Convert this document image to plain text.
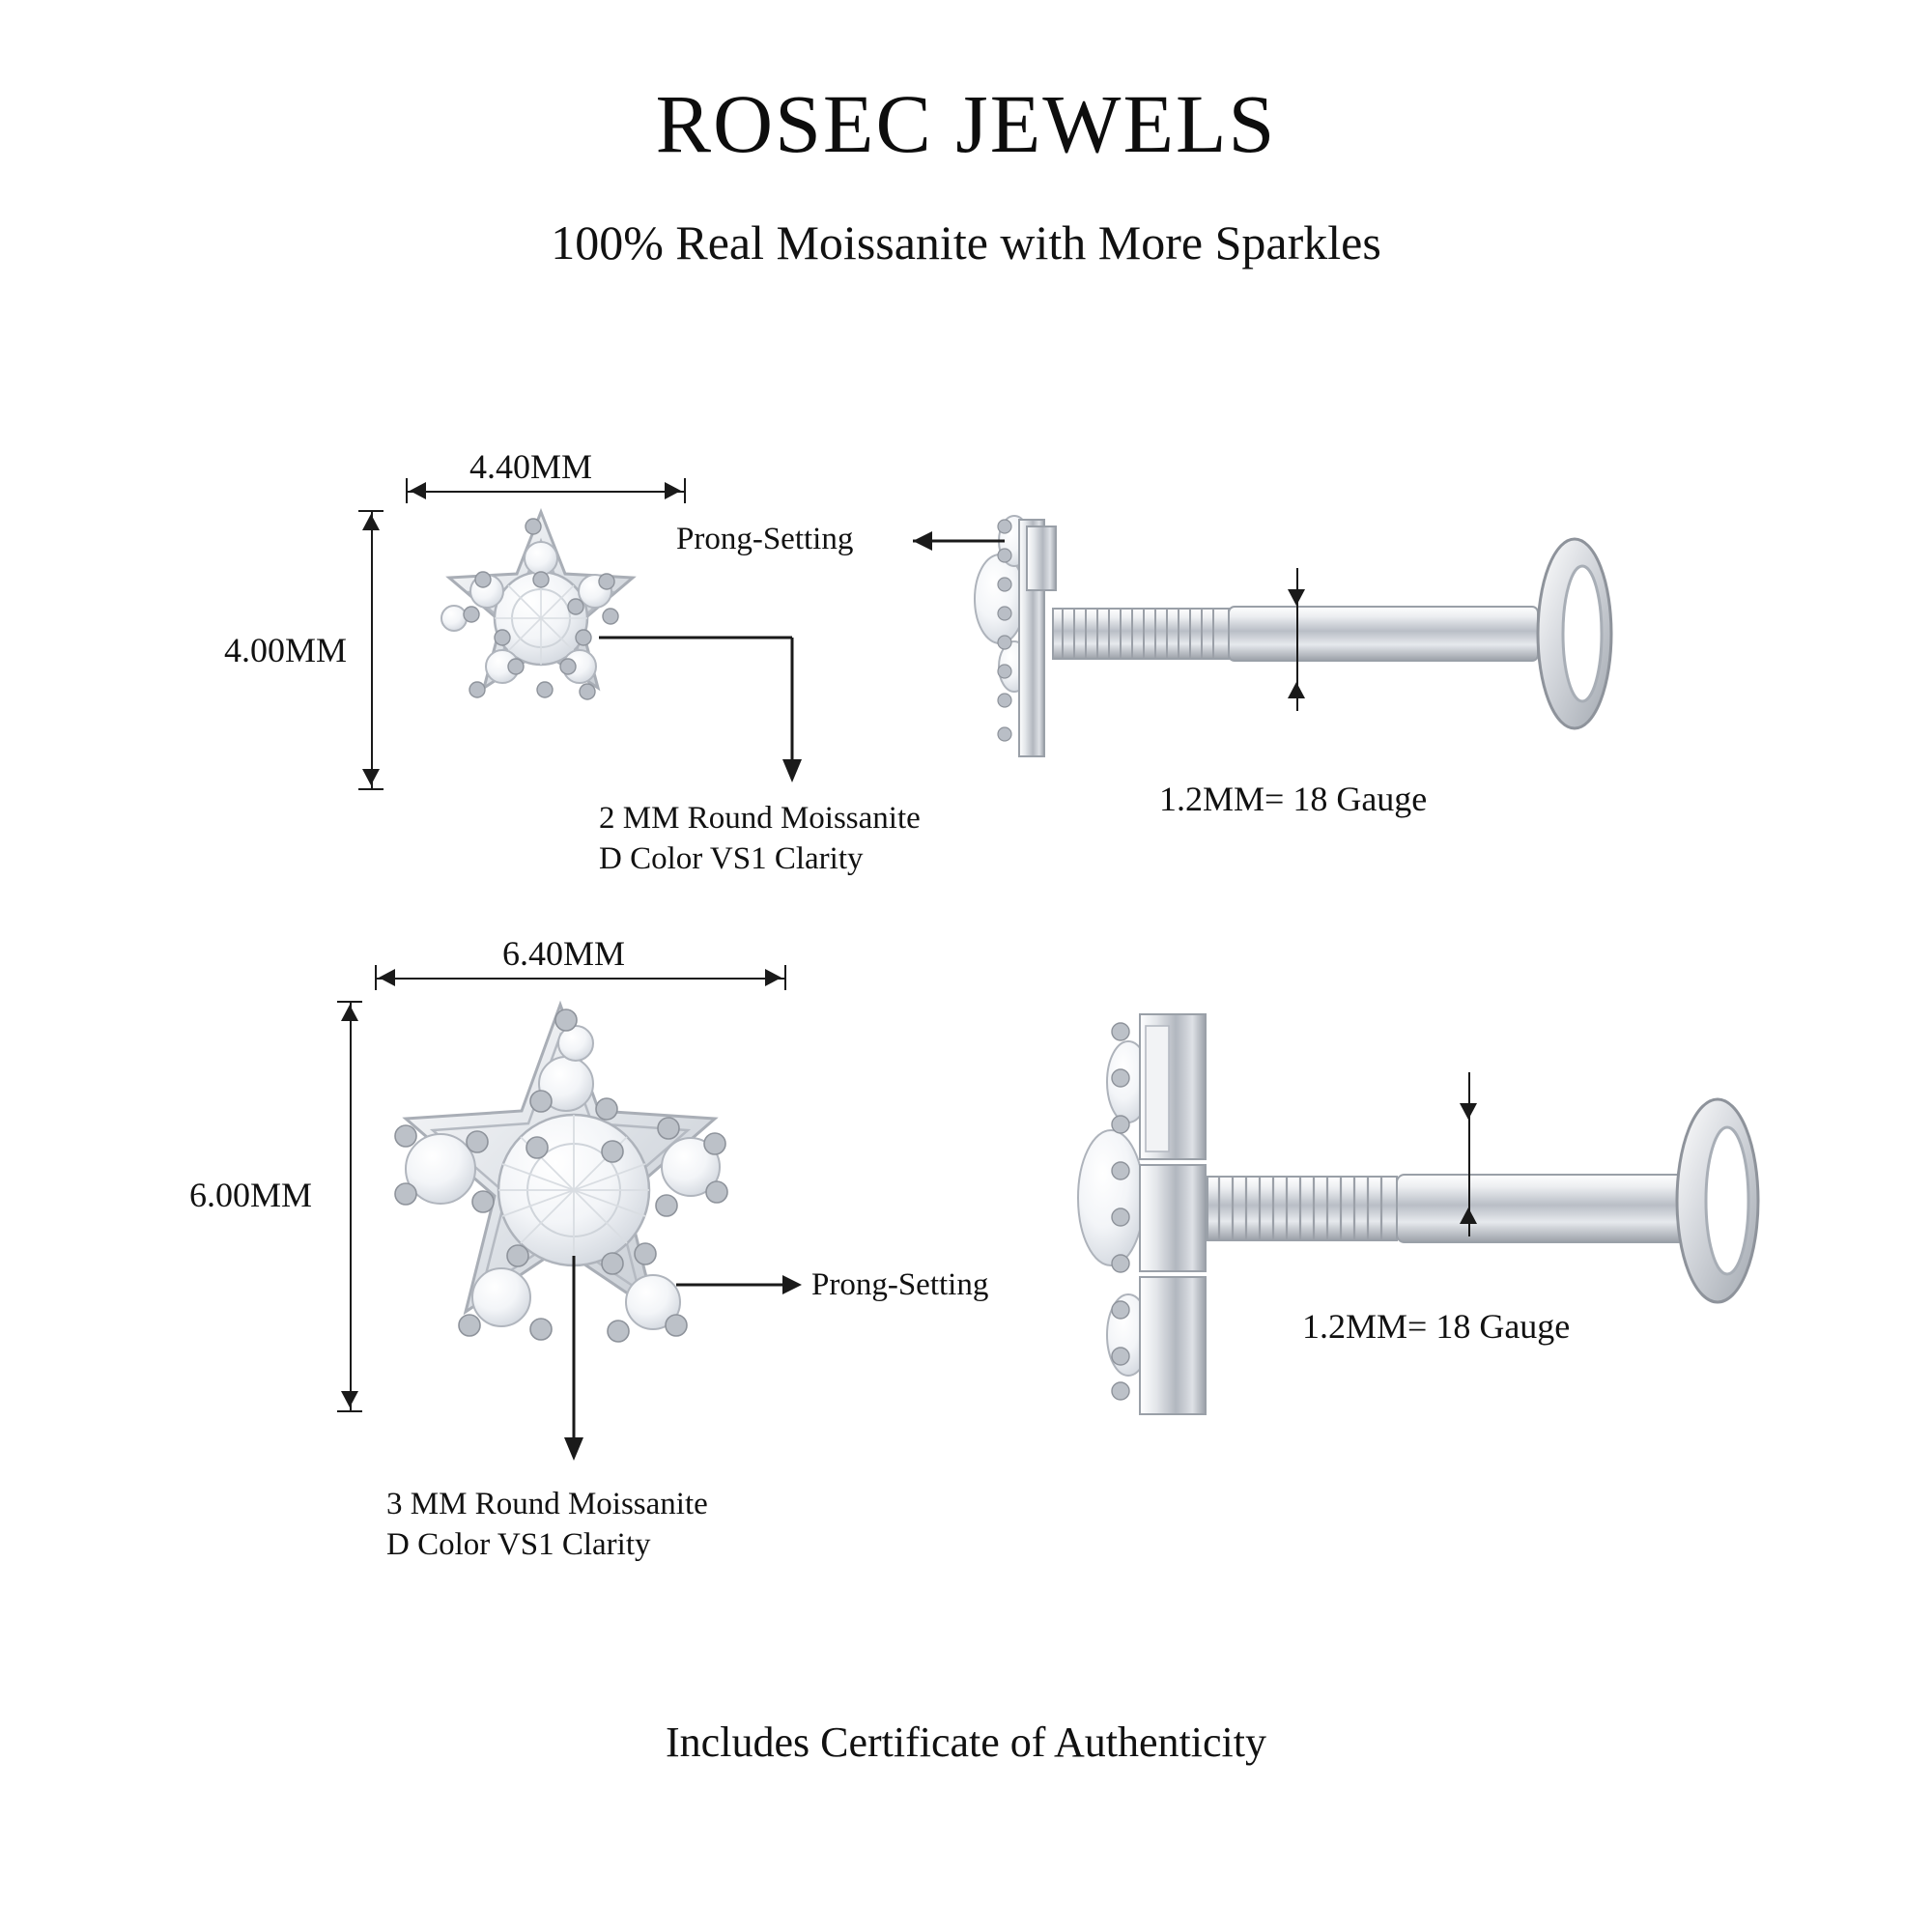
ROSEC JEWELS
100% Real Moissanite with More Sparkles
4.40MM
4.00MM
Prong-Setting
2 MM Round Moissanite
D Color VS1 Clarity
1.2MM= 18 Gauge
6.40MM
6.00MM
Prong-Setting
3 MM Round Moissanite
D Color VS1 Clarity
1.2MM= 18 Gauge
Includes Certificate of Authenticity
